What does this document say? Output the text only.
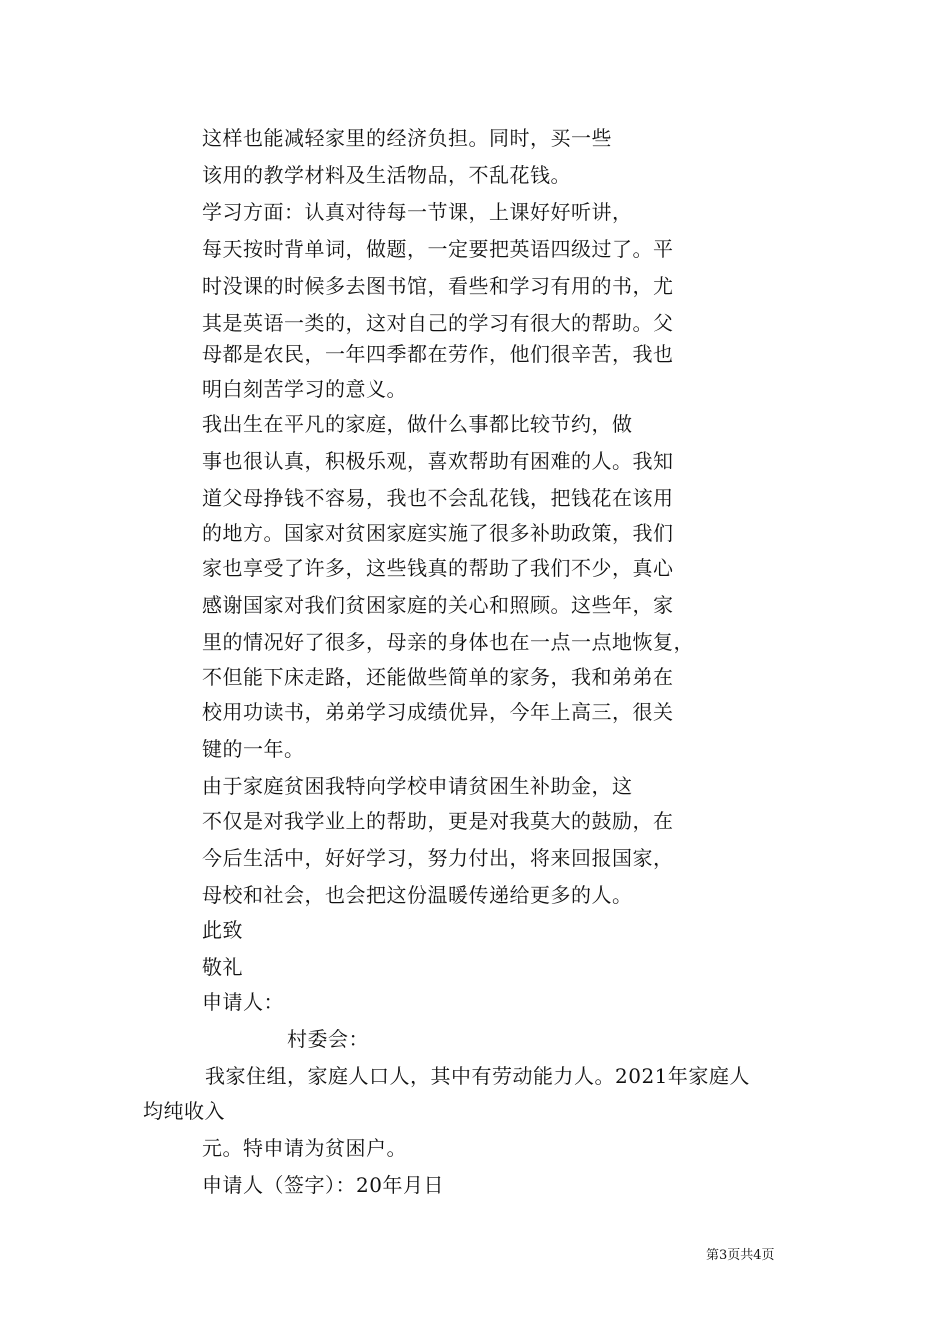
这样也能减轻家里的经济负担。同时，买一些
该用的教学材料及生活物品，不乱花钱。
学习方面：认真对待每一节课，上课好好听讲，
每天按时背单词，做题，一定要把英语四级过了。平
时没课的时候多去图书馆，看些和学习有用的书，尤
其是英语一类的，这对自己的学习有很大的帮助。父
母都是农民，一年四季都在劳作，他们很辛苦，我也
明白刻苦学习的意义。
我出生在平凡的家庭，做什么事都比较节约，做
事也很认真，积极乐观，喜欢帮助有困难的人。我知
道父母挣钱不容易，我也不会乱花钱，把钱花在该用
的地方。国家对贫困家庭实施了很多补助政策，我们
家也享受了许多，这些钱真的帮助了我们不少，真心
感谢国家对我们贫困家庭的关心和照顾。这些年，家
里的情况好了很多，母亲的身体也在一点一点地恢复，
不但能下床走路，还能做些简单的家务，我和弟弟在
校用功读书，弟弟学习成绩优异，今年上高三，很关
键的一年。
由于家庭贫困我特向学校申请贫困生补助金，这
不仅是对我学业上的帮助，更是对我莫大的鼓励，在
今后生活中，好好学习，努力付出，将来回报国家，
母校和社会，也会把这份温暖传递给更多的人。
此致
敬礼
申请人：
村委会：
我家住组，家庭人口人，其中有劳动能力人。2021年家庭人
均纯收入
元。特申请为贫困户。
申请人（签字）：20年月日
第3页共4页
